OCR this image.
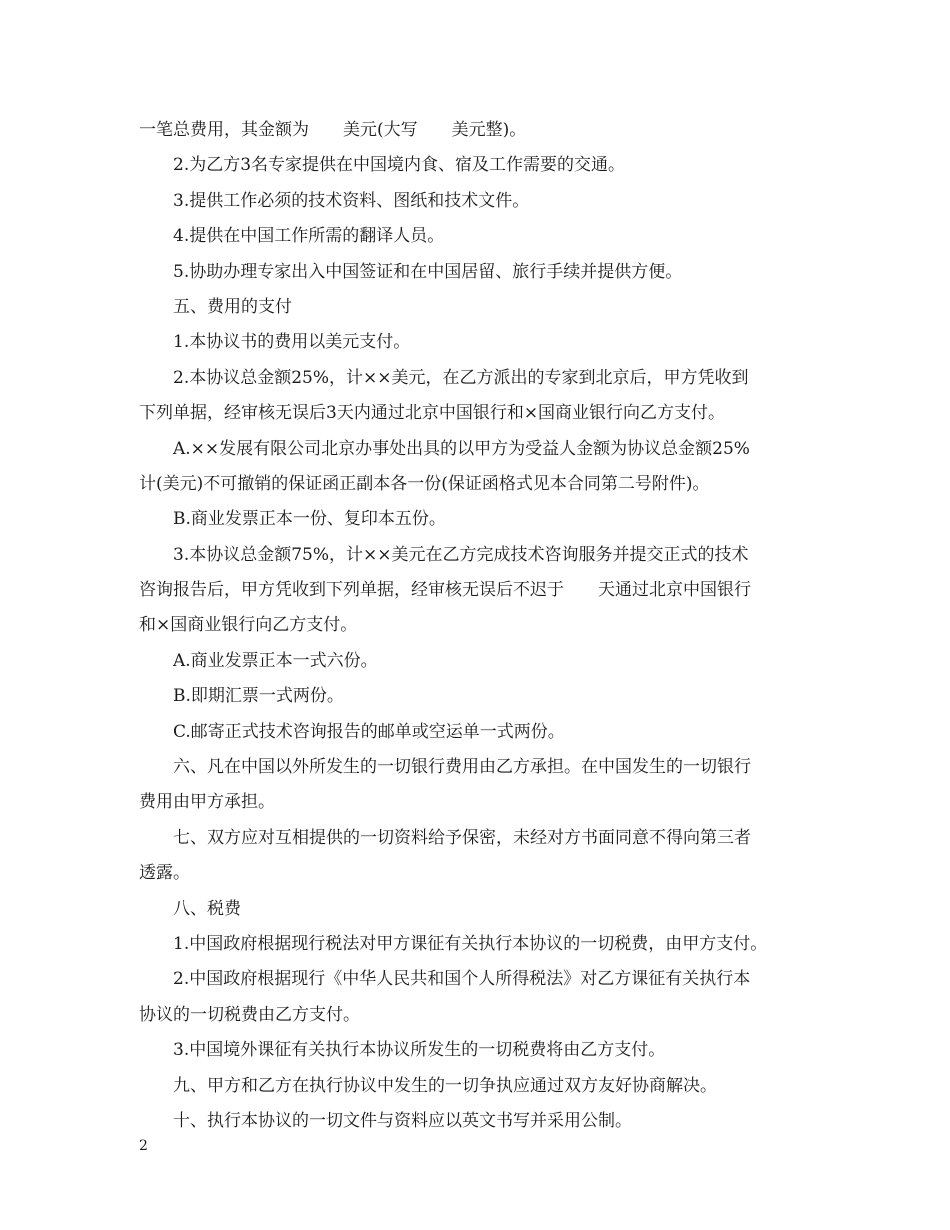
一笔总费用，其金额为　　美元(大写　　美元整)。
2.为乙方3名专家提供在中国境内食、宿及工作需要的交通。
3.提供工作必须的技术资料、图纸和技术文件。
4.提供在中国工作所需的翻译人员。
5.协助办理专家出入中国签证和在中国居留、旅行手续并提供方便。
五、费用的支付
1.本协议书的费用以美元支付。
2.本协议总金额25%，计××美元，在乙方派出的专家到北京后，甲方凭收到
下列单据，经审核无误后3天内通过北京中国银行和×国商业银行向乙方支付。
A.××发展有限公司北京办事处出具的以甲方为受益人金额为协议总金额25%
计(美元)不可撤销的保证函正副本各一份(保证函格式见本合同第二号附件)。
B.商业发票正本一份、复印本五份。
3.本协议总金额75%，计××美元在乙方完成技术咨询服务并提交正式的技术
咨询报告后，甲方凭收到下列单据，经审核无误后不迟于　　天通过北京中国银行
和×国商业银行向乙方支付。
A.商业发票正本一式六份。
B.即期汇票一式两份。
C.邮寄正式技术咨询报告的邮单或空运单一式两份。
六、凡在中国以外所发生的一切银行费用由乙方承担。在中国发生的一切银行
费用由甲方承担。
七、双方应对互相提供的一切资料给予保密，未经对方书面同意不得向第三者
透露。
八、税费
1.中国政府根据现行税法对甲方课征有关执行本协议的一切税费，由甲方支付。
2.中国政府根据现行《中华人民共和国个人所得税法》对乙方课征有关执行本
协议的一切税费由乙方支付。
3.中国境外课征有关执行本协议所发生的一切税费将由乙方支付。
九、甲方和乙方在执行协议中发生的一切争执应通过双方友好协商解决。
十、执行本协议的一切文件与资料应以英文书写并采用公制。
2
